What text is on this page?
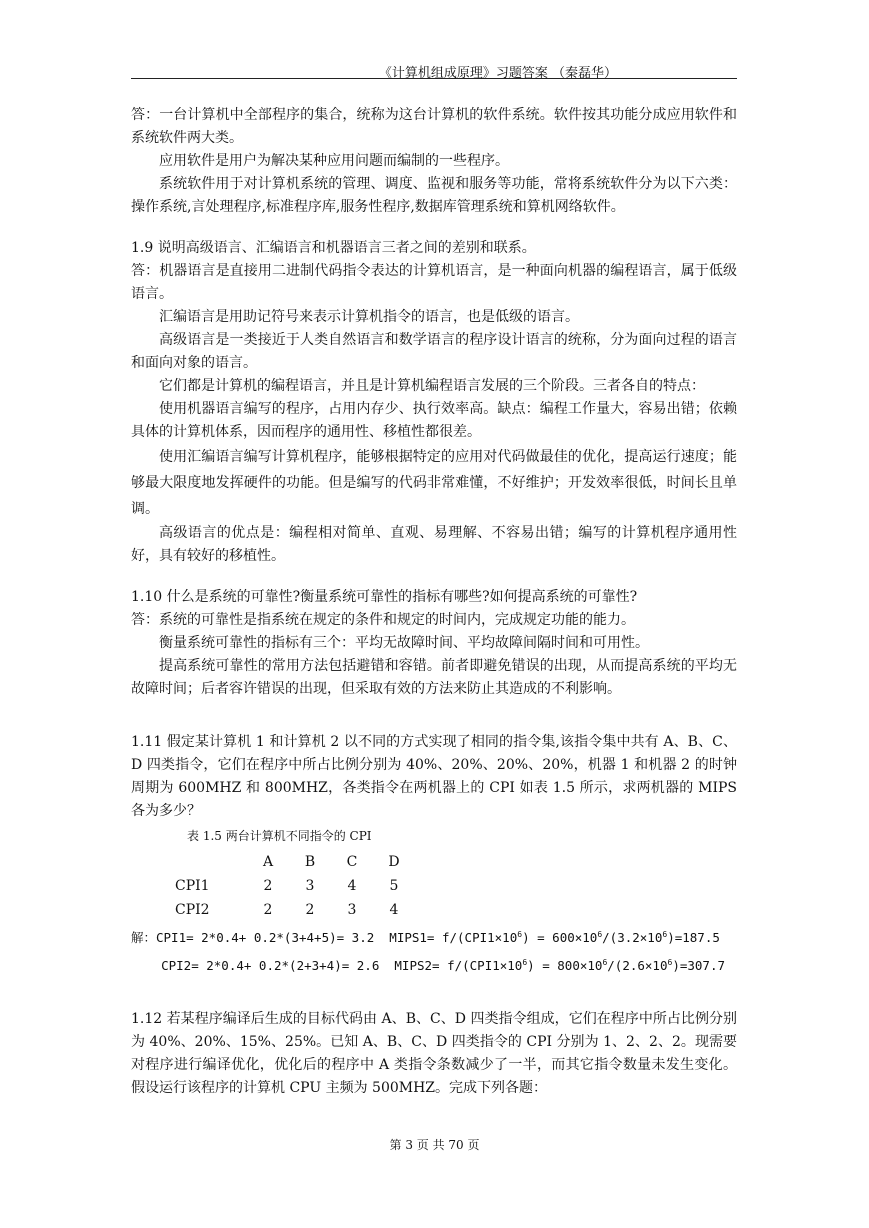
《计算机组成原理》习题答案 （秦磊华）

答：一台计算机中全部程序的集合，统称为这台计算机的软件系统。软件按其功能分成应用软件和系统软件两大类。

应用软件是用户为解决某种应用问题而编制的一些程序。

系统软件用于对计算机系统的管理、调度、监视和服务等功能，常将系统软件分为以下六类：操作系统,言处理程序,标准程序库,服务性程序,数据库管理系统和算机网络软件。

1.9 说明高级语言、汇编语言和机器语言三者之间的差别和联系。

答：机器语言是直接用二进制代码指令表达的计算机语言，是一种面向机器的编程语言，属于低级语言。

汇编语言是用助记符号来表示计算机指令的语言，也是低级的语言。

高级语言是一类接近于人类自然语言和数学语言的程序设计语言的统称，分为面向过程的语言和面向对象的语言。

它们都是计算机的编程语言，并且是计算机编程语言发展的三个阶段。三者各自的特点：

使用机器语言编写的程序，占用内存少、执行效率高。缺点：编程工作量大，容易出错；依赖具体的计算机体系，因而程序的通用性、移植性都很差。

使用汇编语言编写计算机程序，能够根据特定的应用对代码做最佳的优化，提高运行速度；能够最大限度地发挥硬件的功能。但是编写的代码非常难懂，不好维护；开发效率很低，时间长且单调。

高级语言的优点是：编程相对简单、直观、易理解、不容易出错；编写的计算机程序通用性好，具有较好的移植性。

1.10 什么是系统的可靠性?衡量系统可靠性的指标有哪些?如何提高系统的可靠性?

答：系统的可靠性是指系统在规定的条件和规定的时间内，完成规定功能的能力。

衡量系统可靠性的指标有三个：平均无故障时间、平均故障间隔时间和可用性。

提高系统可靠性的常用方法包括避错和容错。前者即避免错误的出现，从而提高系统的平均无故障时间；后者容许错误的出现，但采取有效的方法来防止其造成的不利影响。

1.11 假定某计算机 1 和计算机 2 以不同的方式实现了相同的指令集,该指令集中共有 A、B、C、D 四类指令，它们在程序中所占比例分别为 40%、20%、20%、20%，机器 1 和机器 2 的时钟周期为 600MHZ 和 800MHZ，各类指令在两机器上的 CPI 如表 1.5 所示，求两机器的 MIPS 各为多少？

表 1.5 两台计算机不同指令的 CPI

	A	B	C	D
CPI1	2	3	4	5
CPI2	2	2	3	4

解：CPI1= 2*0.4+ 0.2*(3+4+5)= 3.2  MIPS1= $f/(CPI1\times 10^6) = 600\times 10^6/(3.2\times 10^6)=187.5$

CPI2= 2*0.4+ 0.2*(2+3+4)= 2.6  MIPS2= $f/(CPI1\times 10^6) = 800\times 10^6/(2.6\times 10^6)=307.7$

1.12 若某程序编译后生成的目标代码由 A、B、C、D 四类指令组成，它们在程序中所占比例分别为 40%、20%、15%、25%。已知 A、B、C、D 四类指令的 CPI 分别为 1、2、2、2。现需要对程序进行编译优化，优化后的程序中 A 类指令条数减少了一半，而其它指令数量未发生变化。假设运行该程序的计算机 CPU 主频为 500MHZ。完成下列各题：

第 3 页 共 70 页
